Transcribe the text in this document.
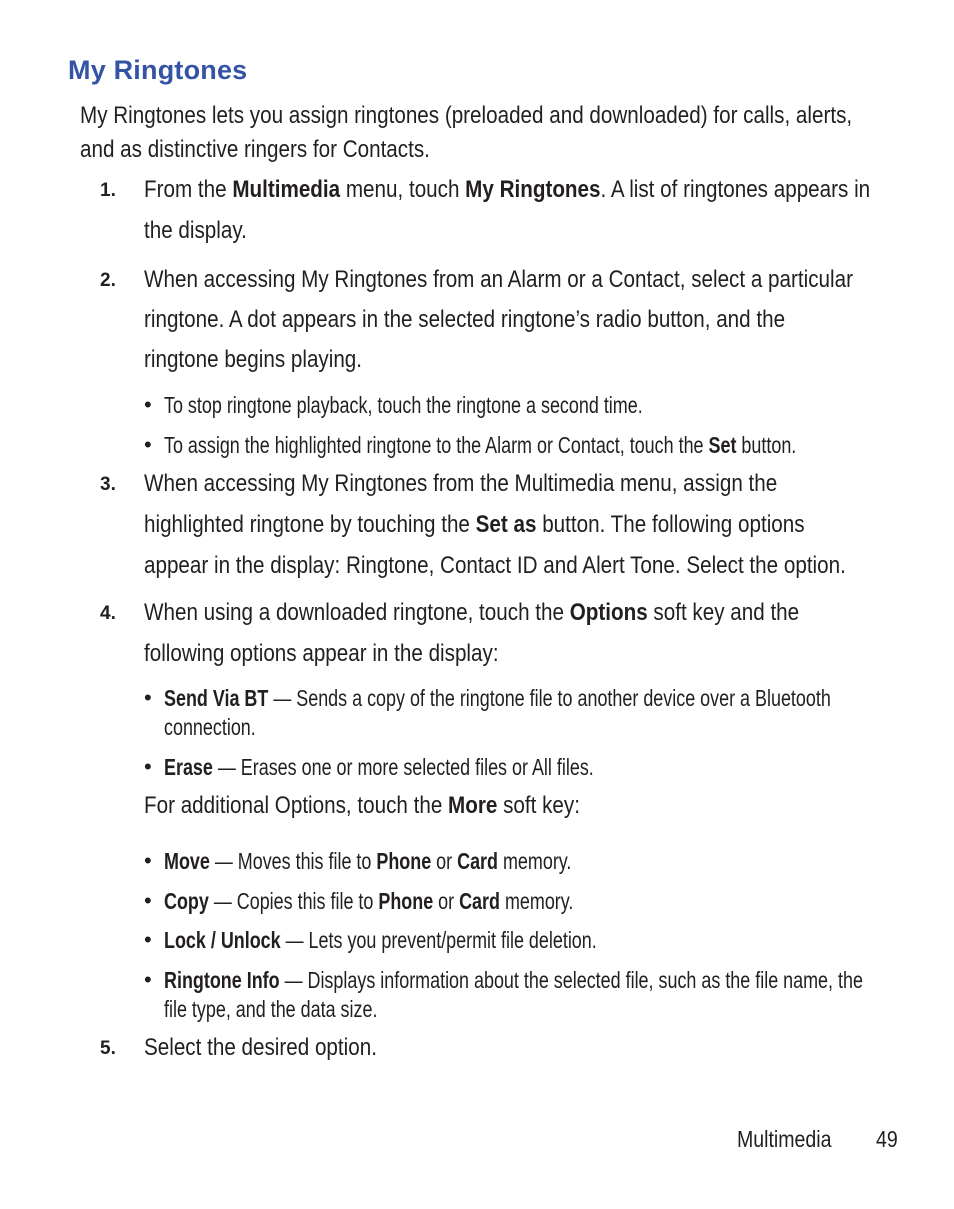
My Ringtones
My Ringtones lets you assign ringtones (preloaded and downloaded) for calls, alerts,
and as distinctive ringers for Contacts.
1. From the Multimedia menu, touch My Ringtones. A list of ringtones appears in
the display.
2. When accessing My Ringtones from an Alarm or a Contact, select a particular
ringtone. A dot appears in the selected ringtone’s radio button, and the
ringtone begins playing.
• To stop ringtone playback, touch the ringtone a second time.
• To assign the highlighted ringtone to the Alarm or Contact, touch the Set button.
3. When accessing My Ringtones from the Multimedia menu, assign the
highlighted ringtone by touching the Set as button. The following options
appear in the display: Ringtone, Contact ID and Alert Tone. Select the option.
4. When using a downloaded ringtone, touch the Options soft key and the
following options appear in the display:
• Send Via BT — Sends a copy of the ringtone file to another device over a Bluetooth
connection.
• Erase — Erases one or more selected files or All files.
For additional Options, touch the More soft key:
• Move — Moves this file to Phone or Card memory.
• Copy — Copies this file to Phone or Card memory.
• Lock / Unlock — Lets you prevent/permit file deletion.
• Ringtone Info — Displays information about the selected file, such as the file name, the
file type, and the data size.
5. Select the desired option.
Multimedia 49
